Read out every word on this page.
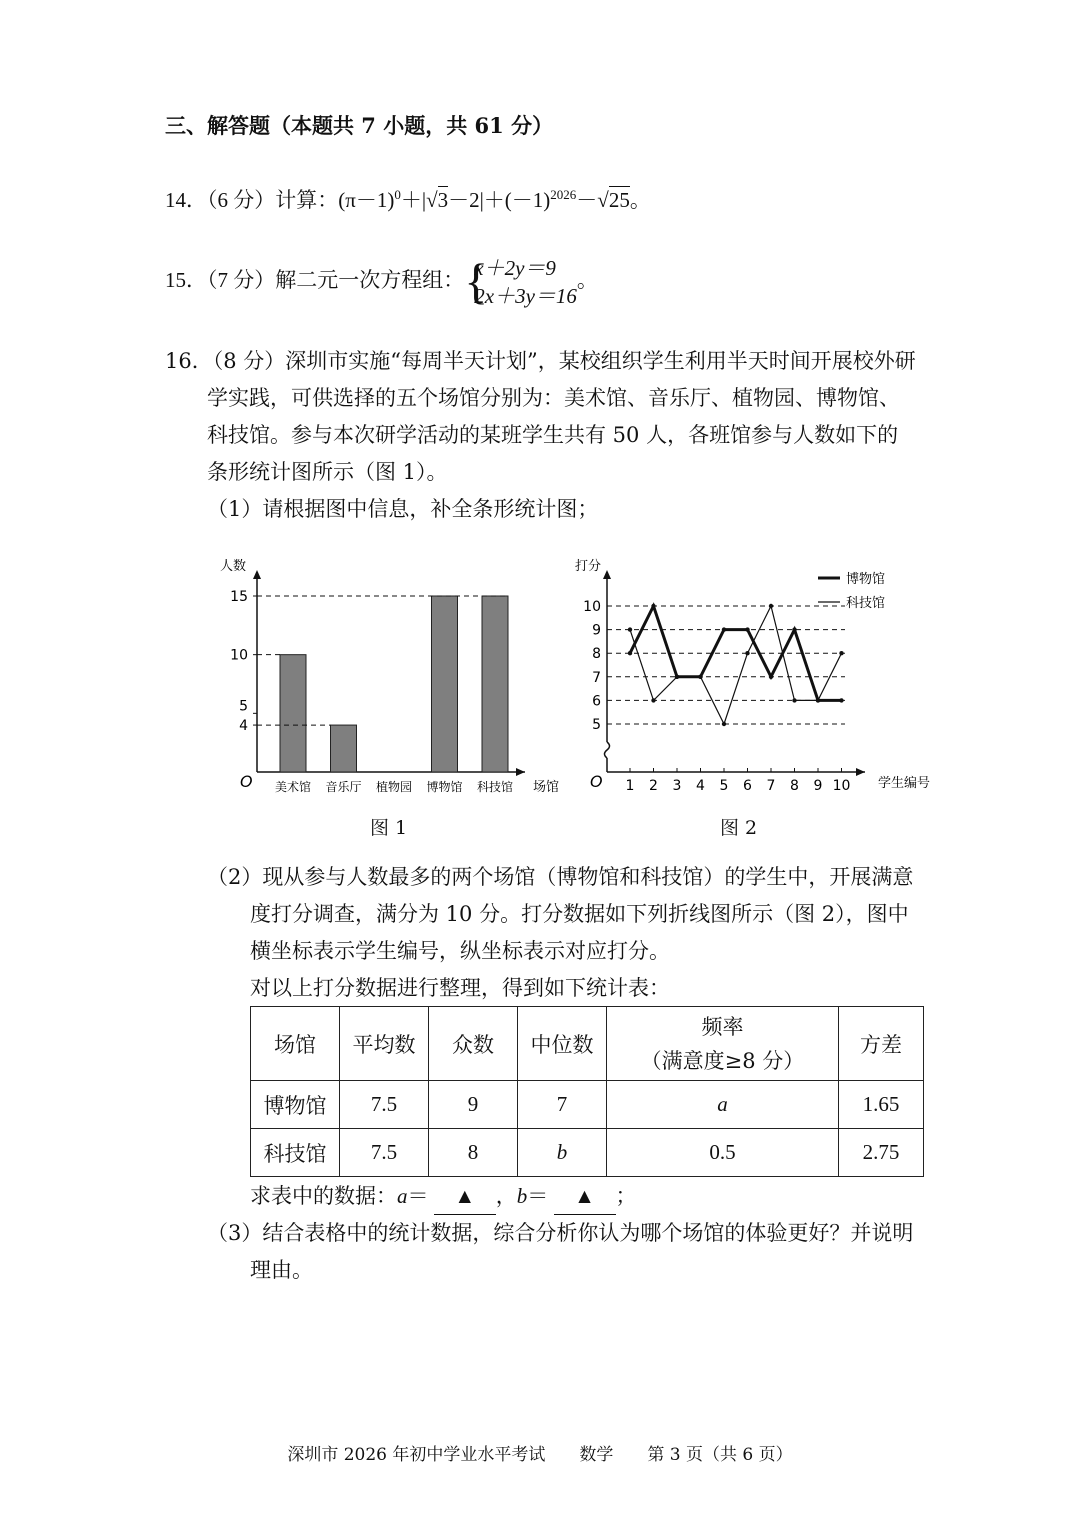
三、解答题（本题共 7 小题，共 61 分）
14．（6 分）计算：$(\pi-1)^0+|√3-2|+(-1)^{2026}-√25$。
15．（7 分）解二元一次方程组： {
x＋2y＝9
2x＋3y＝16
。
16．（8 分）深圳市实施“每周半天计划”，某校组织学生利用半天时间开展校外研
学实践，可供选择的五个场馆分别为：美术馆、音乐厅、植物园、博物馆、
科技馆。参与本次研学活动的某班学生共有 50 人，各班馆参与人数如下的
条形统计图所示（图 1）。
（1）请根据图中信息，补全条形统计图；
人数
场馆
O
4
5
10
15
美术馆 音乐厅 植物园 博物馆 科技馆
图 1
打分
学生编号
O
5
6
7
8
9
10
1 2 3 4 5 6 7 8 9 10
博物馆
科技馆
图 2
（2）现从参与人数最多的两个场馆（博物馆和科技馆）的学生中，开展满意
度打分调查，满分为 10 分。打分数据如下列折线图所示（图 2），图中
横坐标表示学生编号，纵坐标表示对应打分。
对以上打分数据进行整理，得到如下统计表：
场馆	平均数	众数	中位数	频率
（满意度≥8 分）	方差
博物馆	7.5	9	7	a	1.65
科技馆	7.5	8	b	0.5	2.75
求表中的数据：a＝ ▲ ，b＝ ▲ ；
（3）结合表格中的统计数据，综合分析你认为哪个场馆的体验更好？并说明
理由。
深圳市 2026 年初中学业水平考试　　数学　　第 3 页（共 6 页）
